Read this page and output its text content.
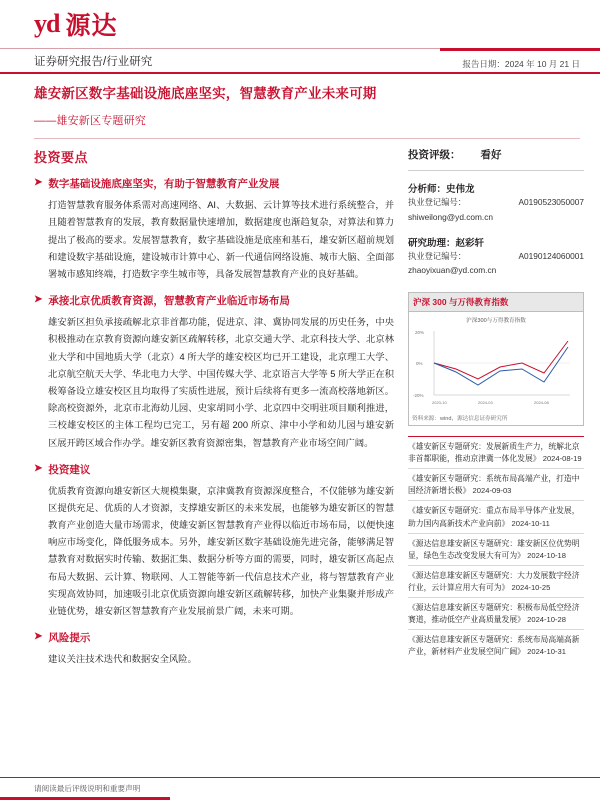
yd 源达
证券研究报告/行业研究	报告日期：2024 年 10 月 21 日
雄安新区数字基础设施底座坚实，智慧教育产业未来可期
——雄安新区专题研究
投资要点
➤ 数字基础设施底座坚实，有助于智慧教育产业发展

打造智慧教育服务体系需对高速网络、AI、大数据、云计算等技术进行系统整合，并且随着智慧教育的发展，教育数据量快速增加，数据建度也渐趋复杂，对算法和算力提出了极高的要求。发展智慧教育，数字基础设施是底座和基石，雄安新区超前规划和建设数字基础设施，建设城市计算中心、新一代通信网络设施、城市大脑、全面部署城市感知终端，打造数字孪生城市等，具备发展智慧教育产业的良好基础。

➤ 承接北京优质教育资源，智慧教育产业临近市场布局

雄安新区担负承接疏解北京非首都功能，促进京、津、冀协同发展的历史任务，中央积极推动在京教育资源向雄安新区疏解转移，北京交通大学、北京科技大学、北京林业大学和中国地质大学（北京）4 所大学的雄安校区均已开工建设，北京理工大学、北京航空航天大学、华北电力大学、中国传媒大学、北京语言大学等 5 所大学正在积极筹备设立雄安校区且均取得了实质性进展，预计后续将有更多一流高校落地新区。除高校资源外，北京市北海幼儿园、史家胡同小学、北京四中交明驻项目顺利推进，三校雄安校区的主体工程均已完工，另有超 200 所京、津中小学和幼儿园与雄安新区展开跨区域合作办学。雄安新区教育资源密集，智慧教育产业市场空间广阔。

➤ 投资建议

优质教育资源向雄安新区大规模集聚，京津冀教育资源深度整合，不仅能够为雄安新区提供充足、优质的人才资源，支撑雄安新区的未来发展，也能够为雄安新区的智慧教育产业创造大量市场需求，使雄安新区智慧教育产业得以临近市场布局，以便快速响应市场变化，降低服务成本。另外，雄安新区数字基础设施先进完备，能够满足智慧教育对数据实时传输、数据汇集、数据分析等方面的需要，同时，雄安新区高起点布局大数据、云计算、物联网、人工智能等新一代信息技术产业，将与智慧教育产业实现高效协同，加速吸引北京优质资源向雄安新区疏解转移，加快产业集聚并形成产业链优势，雄安新区智慧教育产业发展前景广阔，未来可期。

➤ 风险提示

建议关注技术迭代和数据安全风险。

投资评级： 看好
分析师：史伟龙
执业登记编号：	A0190523050007
shiweilong@yd.com.cn
研究助理：赵彩轩
执业登记编号：	A0190124060001
zhaoyixuan@yd.com.cn
沪深 300 与万得教育指数
沪深300与万得教育指数
20%
0%
-20%
2023-10	2024-03	2024-08
资料来源：wind，源达信息证券研究所
《雄安新区专题研究：发展新质生产力，统解北京非首都职能，推动京津冀一体化发展》 2024-08-19
《雄安新区专题研究：系统布局高端产业，打造中国经济新增长极》 2024-09-03
《雄安新区专题研究：重点布局半导体产业发展，助力国内高新技术产业向前》 2024-10-11
《源达信息雄安新区专题研究：雄安新区位优势明显，绿色生态改变发展大有可为》 2024-10-18
《源达信息雄安新区专题研究：大力发展数字经济行业，云计算应用大有可为》 2024-10-25
《源达信息雄安新区专题研究：积极布局低空经济赛道，推动低空产业高质量发展》 2024-10-28
《源达信息雄安新区专题研究：系统布局高端高新产业，新材料产业发展空间广阔》 2024-10-31
请阅读最后评级说明和重要声明
